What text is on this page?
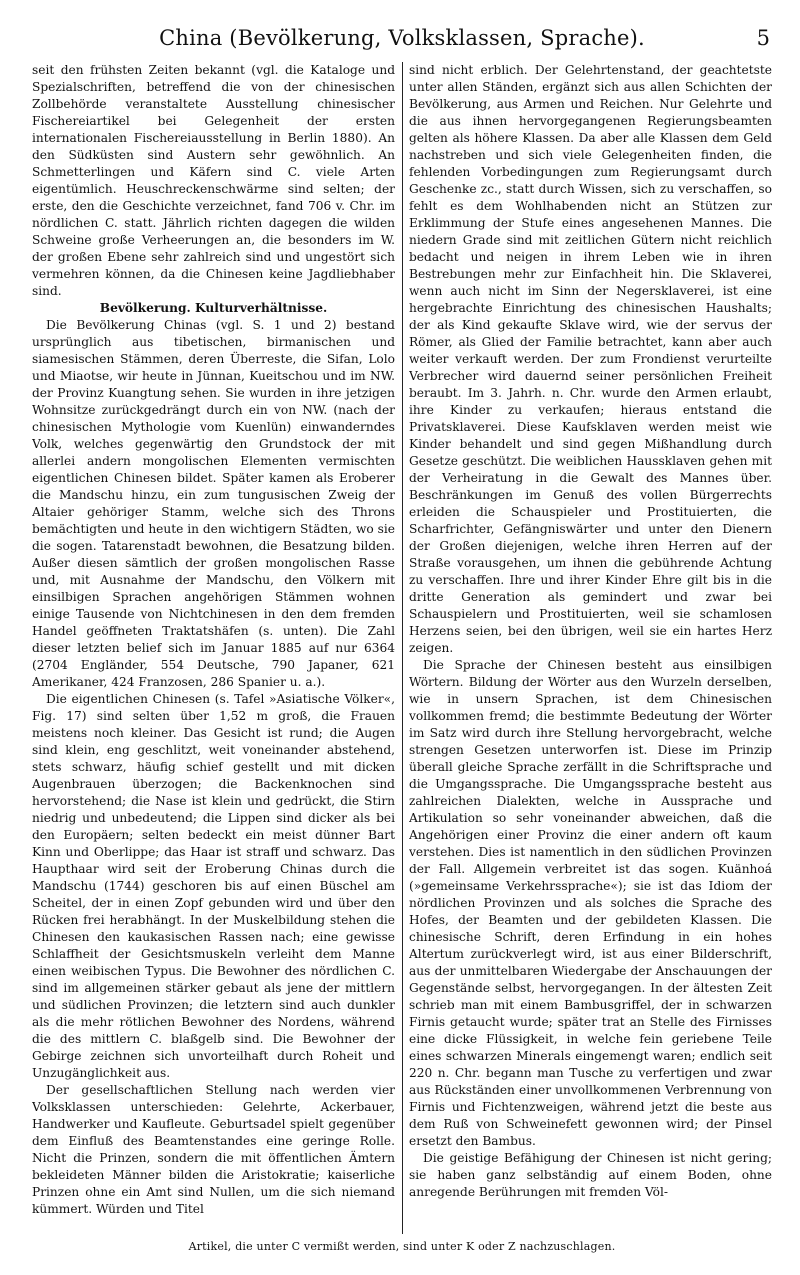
China (Bevölkerung, Volksklassen, Sprache).	5

seit den frühsten Zeiten bekannt (vgl. die Kataloge und Spezialschriften, betreffend die von der chinesischen Zollbehörde veranstaltete Ausstellung chinesischer Fischereiartikel bei Gelegenheit der ersten internationalen Fischereiausstellung in Berlin 1880). An den Südküsten sind Austern sehr gewöhnlich. An Schmetterlingen und Käfern sind C. viele Arten eigentümlich. Heuschreckenschwärme sind selten; der erste, den die Geschichte verzeichnet, fand 706 v. Chr. im nördlichen C. statt. Jährlich richten dagegen die wilden Schweine große Verheerungen an, die besonders im W. der großen Ebene sehr zahlreich sind und ungestört sich vermehren können, da die Chinesen keine Jagdliebhaber sind.

Bevölkerung. Kulturverhältnisse.

Die Bevölkerung Chinas (vgl. S. 1 und 2) bestand ursprünglich aus tibetischen, birmanischen und siamesischen Stämmen, deren Überreste, die Sifan, Lolo und Miaotse, wir heute in Jünnan, Kueitschou und im NW. der Provinz Kuangtung sehen. Sie wurden in ihre jetzigen Wohnsitze zurückgedrängt durch ein von NW. (nach der chinesischen Mythologie vom Kuenlün) einwanderndes Volk, welches gegenwärtig den Grundstock der mit allerlei andern mongolischen Elementen vermischten eigentlichen Chinesen bildet. Später kamen als Eroberer die Mandschu hinzu, ein zum tungusischen Zweig der Altaier gehöriger Stamm, welche sich des Throns bemächtigten und heute in den wichtigern Städten, wo sie die sogen. Tatarenstadt bewohnen, die Besatzung bilden. Außer diesen sämtlich der großen mongolischen Rasse und, mit Ausnahme der Mandschu, den Völkern mit einsilbigen Sprachen angehörigen Stämmen wohnen einige Tausende von Nichtchinesen in den dem fremden Handel geöffneten Traktatshäfen (s. unten). Die Zahl dieser letzten belief sich im Januar 1885 auf nur 6364 (2704 Engländer, 554 Deutsche, 790 Japaner, 621 Amerikaner, 424 Franzosen, 286 Spanier u. a.).

Die eigentlichen Chinesen (s. Tafel »Asiatische Völker«, Fig. 17) sind selten über 1,52 m groß, die Frauen meistens noch kleiner. Das Gesicht ist rund; die Augen sind klein, eng geschlitzt, weit voneinander abstehend, stets schwarz, häufig schief gestellt und mit dicken Augenbrauen überzogen; die Backenknochen sind hervorstehend; die Nase ist klein und gedrückt, die Stirn niedrig und unbedeutend; die Lippen sind dicker als bei den Europäern; selten bedeckt ein meist dünner Bart Kinn und Oberlippe; das Haar ist straff und schwarz. Das Haupthaar wird seit der Eroberung Chinas durch die Mandschu (1744) geschoren bis auf einen Büschel am Scheitel, der in einen Zopf gebunden wird und über den Rücken frei herabhängt. In der Muskelbildung stehen die Chinesen den kaukasischen Rassen nach; eine gewisse Schlaffheit der Gesichtsmuskeln verleiht dem Manne einen weibischen Typus. Die Bewohner des nördlichen C. sind im allgemeinen stärker gebaut als jene der mittlern und südlichen Provinzen; die letztern sind auch dunkler als die mehr rötlichen Bewohner des Nordens, während die des mittlern C. blaßgelb sind. Die Bewohner der Gebirge zeichnen sich unvorteilhaft durch Roheit und Unzugänglichkeit aus.

Der gesellschaftlichen Stellung nach werden vier Volksklassen unterschieden: Gelehrte, Ackerbauer, Handwerker und Kaufleute. Geburtsadel spielt gegenüber dem Einfluß des Beamtenstandes eine geringe Rolle. Nicht die Prinzen, sondern die mit öffentlichen Ämtern bekleideten Männer bilden die Aristokratie; kaiserliche Prinzen ohne ein Amt sind Nullen, um die sich niemand kümmert. Würden und Titel

sind nicht erblich. Der Gelehrtenstand, der geachtetste unter allen Ständen, ergänzt sich aus allen Schichten der Bevölkerung, aus Armen und Reichen. Nur Gelehrte und die aus ihnen hervorgegangenen Regierungsbeamten gelten als höhere Klassen. Da aber alle Klassen dem Geld nachstreben und sich viele Gelegenheiten finden, die fehlenden Vorbedingungen zum Regierungsamt durch Geschenke zc., statt durch Wissen, sich zu verschaffen, so fehlt es dem Wohlhabenden nicht an Stützen zur Erklimmung der Stufe eines angesehenen Mannes. Die niedern Grade sind mit zeitlichen Gütern nicht reichlich bedacht und neigen in ihrem Leben wie in ihren Bestrebungen mehr zur Einfachheit hin. Die Sklaverei, wenn auch nicht im Sinn der Negersklaverei, ist eine hergebrachte Einrichtung des chinesischen Haushalts; der als Kind gekaufte Sklave wird, wie der servus der Römer, als Glied der Familie betrachtet, kann aber auch weiter verkauft werden. Der zum Frondienst verurteilte Verbrecher wird dauernd seiner persönlichen Freiheit beraubt. Im 3. Jahrh. n. Chr. wurde den Armen erlaubt, ihre Kinder zu verkaufen; hieraus entstand die Privatsklaverei. Diese Kaufsklaven werden meist wie Kinder behandelt und sind gegen Mißhandlung durch Gesetze geschützt. Die weiblichen Haussklaven gehen mit der Verheiratung in die Gewalt des Mannes über. Beschränkungen im Genuß des vollen Bürgerrechts erleiden die Schauspieler und Prostituierten, die Scharfrichter, Gefängniswärter und unter den Dienern der Großen diejenigen, welche ihren Herren auf der Straße vorausgehen, um ihnen die gebührende Achtung zu verschaffen. Ihre und ihrer Kinder Ehre gilt bis in die dritte Generation als gemindert und zwar bei Schauspielern und Prostituierten, weil sie schamlosen Herzens seien, bei den übrigen, weil sie ein hartes Herz zeigen.

Die Sprache der Chinesen besteht aus einsilbigen Wörtern. Bildung der Wörter aus den Wurzeln derselben, wie in unsern Sprachen, ist dem Chinesischen vollkommen fremd; die bestimmte Bedeutung der Wörter im Satz wird durch ihre Stellung hervorgebracht, welche strengen Gesetzen unterworfen ist. Diese im Prinzip überall gleiche Sprache zerfällt in die Schriftsprache und die Umgangssprache. Die Umgangssprache besteht aus zahlreichen Dialekten, welche in Aussprache und Artikulation so sehr voneinander abweichen, daß die Angehörigen einer Provinz die einer andern oft kaum verstehen. Dies ist namentlich in den südlichen Provinzen der Fall. Allgemein verbreitet ist das sogen. Kuänhoá (»gemeinsame Verkehrssprache«); sie ist das Idiom der nördlichen Provinzen und als solches die Sprache des Hofes, der Beamten und der gebildeten Klassen. Die chinesische Schrift, deren Erfindung in ein hohes Altertum zurückverlegt wird, ist aus einer Bilderschrift, aus der unmittelbaren Wiedergabe der Anschauungen der Gegenstände selbst, hervorgegangen. In der ältesten Zeit schrieb man mit einem Bambusgriffel, der in schwarzen Firnis getaucht wurde; später trat an Stelle des Firnisses eine dicke Flüssigkeit, in welche fein geriebene Teile eines schwarzen Minerals eingemengt waren; endlich seit 220 n. Chr. begann man Tusche zu verfertigen und zwar aus Rückständen einer unvollkommenen Verbrennung von Firnis und Fichtenzweigen, während jetzt die beste aus dem Ruß von Schweinefett gewonnen wird; der Pinsel ersetzt den Bambus.

Die geistige Befähigung der Chinesen ist nicht gering; sie haben ganz selbständig auf einem Boden, ohne anregende Berührungen mit fremden Völ-

Artikel, die unter C vermißt werden, sind unter K oder Z nachzuschlagen.
